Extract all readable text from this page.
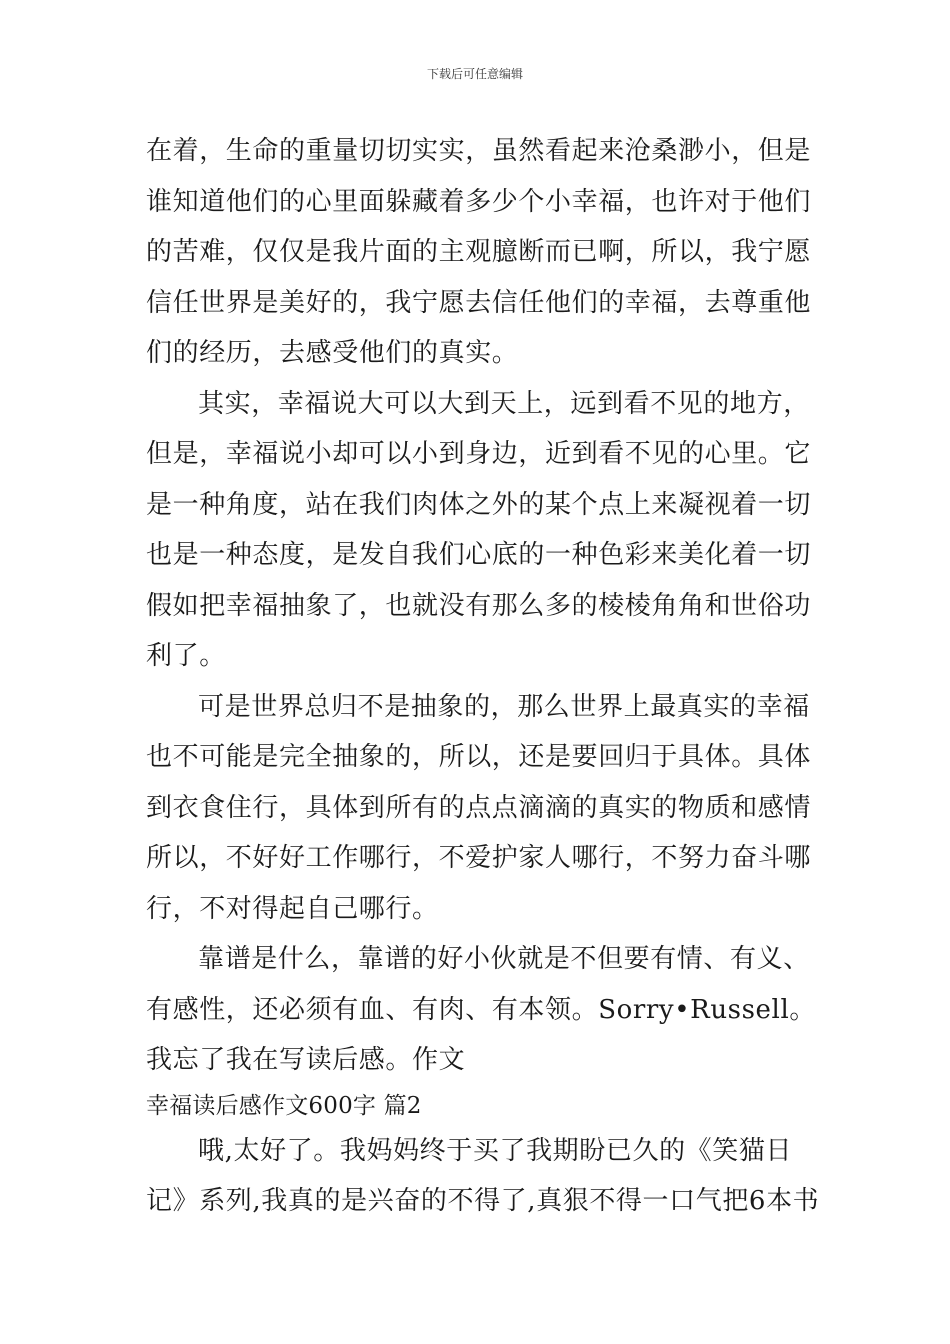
下载后可任意编辑
在着，生命的重量切切实实，虽然看起来沧桑渺小，但是
谁知道他们的心里面躲藏着多少个小幸福，也许对于他们
的苦难，仅仅是我片面的主观臆断而已啊，所以，我宁愿
信任世界是美好的，我宁愿去信任他们的幸福，去尊重他
们的经历，去感受他们的真实。
其实，幸福说大可以大到天上，远到看不见的地方，
但是，幸福说小却可以小到身边，近到看不见的心里。它
是一种角度，站在我们肉体之外的某个点上来凝视着一切
也是一种态度，是发自我们心底的一种色彩来美化着一切
假如把幸福抽象了，也就没有那么多的棱棱角角和世俗功
利了。
可是世界总归不是抽象的，那么世界上最真实的幸福
也不可能是完全抽象的，所以，还是要回归于具体。具体
到衣食住行，具体到所有的点点滴滴的真实的物质和感情
所以，不好好工作哪行，不爱护家人哪行，不努力奋斗哪
行，不对得起自己哪行。
靠谱是什么，靠谱的好小伙就是不但要有情、有义、
有感性，还必须有血、有肉、有本领。Sorry•Russell。
我忘了我在写读后感。作文
幸福读后感作文600字 篇2
哦,太好了。我妈妈终于买了我期盼已久的《笑猫日
记》系列,我真的是兴奋的不得了,真狠不得一口气把6本书
